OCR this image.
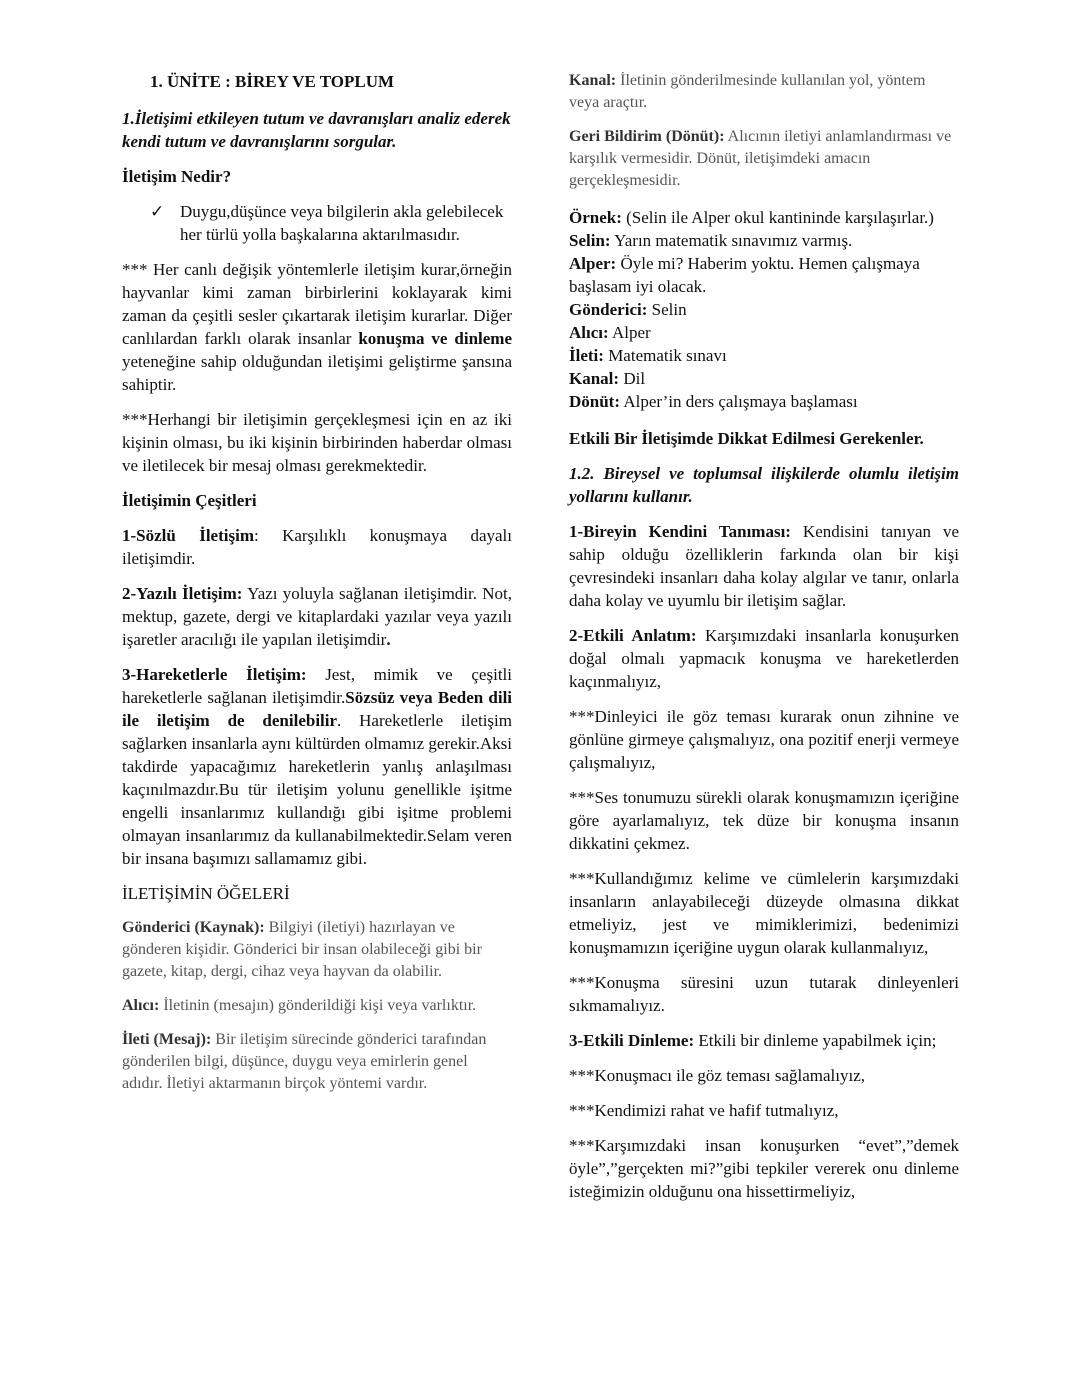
1. ÜNİTE : BİREY VE TOPLUM
1.İletişimi etkileyen tutum ve davranışları analiz ederek kendi tutum ve davranışlarını sorgular.
İletişim Nedir?
✓ Duygu,düşünce veya bilgilerin akla gelebilecek her türlü yolla başkalarına aktarılmasıdır.
*** Her canlı değişik yöntemlerle iletişim kurar,örneğin hayvanlar kimi zaman birbirlerini koklayarak kimi zaman da çeşitli sesler çıkartarak iletişim kurarlar. Diğer canlılardan farklı olarak insanlar konuşma ve dinleme yeteneğine sahip olduğundan iletişimi geliştirme şansına sahiptir.
***Herhangi bir iletişimin gerçekleşmesi için en az iki kişinin olması, bu iki kişinin birbirinden haberdar olması ve iletilecek bir mesaj olması gerekmektedir.
İletişimin Çeşitleri
1-Sözlü İletişim: Karşılıklı konuşmaya dayalı iletişimdir.
2-Yazılı İletişim: Yazı yoluyla sağlanan iletişimdir. Not, mektup, gazete, dergi ve kitaplardaki yazılar veya yazılı işaretler aracılığı ile yapılan iletişimdir.
3-Hareketlerle İletişim: Jest, mimik ve çeşitli hareketlerle sağlanan iletişimdir.Sözsüz veya Beden dili ile iletişim de denilebilir. Hareketlerle iletişim sağlarken insanlarla aynı kültürden olmamız gerekir.Aksi takdirde yapacağımız hareketlerin yanlış anlaşılması kaçınılmazdır.Bu tür iletişim yolunu genellikle işitme engelli insanlarımız kullandığı gibi işitme problemi olmayan insanlarımız da kullanabilmektedir.Selam veren bir insana başımızı sallamamız gibi.
İLETİŞİMİN ÖĞELERİ
Gönderici (Kaynak): Bilgiyi (iletiyi) hazırlayan ve gönderen kişidir. Gönderici bir insan olabileceği gibi bir gazete, kitap, dergi, cihaz veya hayvan da olabilir.
Alıcı: İletinin (mesajın) gönderildiği kişi veya varlıktır.
İleti (Mesaj): Bir iletişim sürecinde gönderici tarafından gönderilen bilgi, düşünce, duygu veya emirlerin genel adıdır. İletiyi aktarmanın birçok yöntemi vardır.
Kanal: İletinin gönderilmesinde kullanılan yol, yöntem veya araçtır.
Geri Bildirim (Dönüt): Alıcının iletiyi anlamlandırması ve karşılık vermesidir. Dönüt, iletişimdeki amacın gerçekleşmesidir.
Örnek: (Selin ile Alper okul kantininde karşılaşırlar.)
Selin: Yarın matematik sınavımız varmış.
Alper: Öyle mi? Haberim yoktu. Hemen çalışmaya başlasam iyi olacak.
Gönderici: Selin
Alıcı: Alper
İleti: Matematik sınavı
Kanal: Dil
Dönüt: Alper’in ders çalışmaya başlaması
Etkili Bir İletişimde Dikkat Edilmesi Gerekenler.
1.2. Bireysel ve toplumsal ilişkilerde olumlu iletişim yollarını kullanır.
1-Bireyin Kendini Tanıması: Kendisini tanıyan ve sahip olduğu özelliklerin farkında olan bir kişi çevresindeki insanları daha kolay algılar ve tanır, onlarla daha kolay ve uyumlu bir iletişim sağlar.
2-Etkili Anlatım: Karşımızdaki insanlarla konuşurken doğal olmalı yapmacık konuşma ve hareketlerden kaçınmalıyız,
***Dinleyici ile göz teması kurarak onun zihnine ve gönlüne girmeye çalışmalıyız, ona pozitif enerji vermeye çalışmalıyız,
***Ses tonumuzu sürekli olarak konuşmamızın içeriğine göre ayarlamalıyız, tek düze bir konuşma insanın dikkatini çekmez.
***Kullandığımız kelime ve cümlelerin karşımızdaki insanların anlayabileceği düzeyde olmasına dikkat etmeliyiz, jest ve mimiklerimizi, bedenimizi konuşmamızın içeriğine uygun olarak kullanmalıyız,
***Konuşma süresini uzun tutarak dinleyenleri sıkmamalıyız.
3-Etkili Dinleme: Etkili bir dinleme yapabilmek için;
***Konuşmacı ile göz teması sağlamalıyız,
***Kendimizi rahat ve hafif tutmalıyız,
***Karşımızdaki insan konuşurken “evet”,”demek öyle”,”gerçekten mi?”gibi tepkiler vererek onu dinleme isteğimizin olduğunu ona hissettirmeliyiz,
